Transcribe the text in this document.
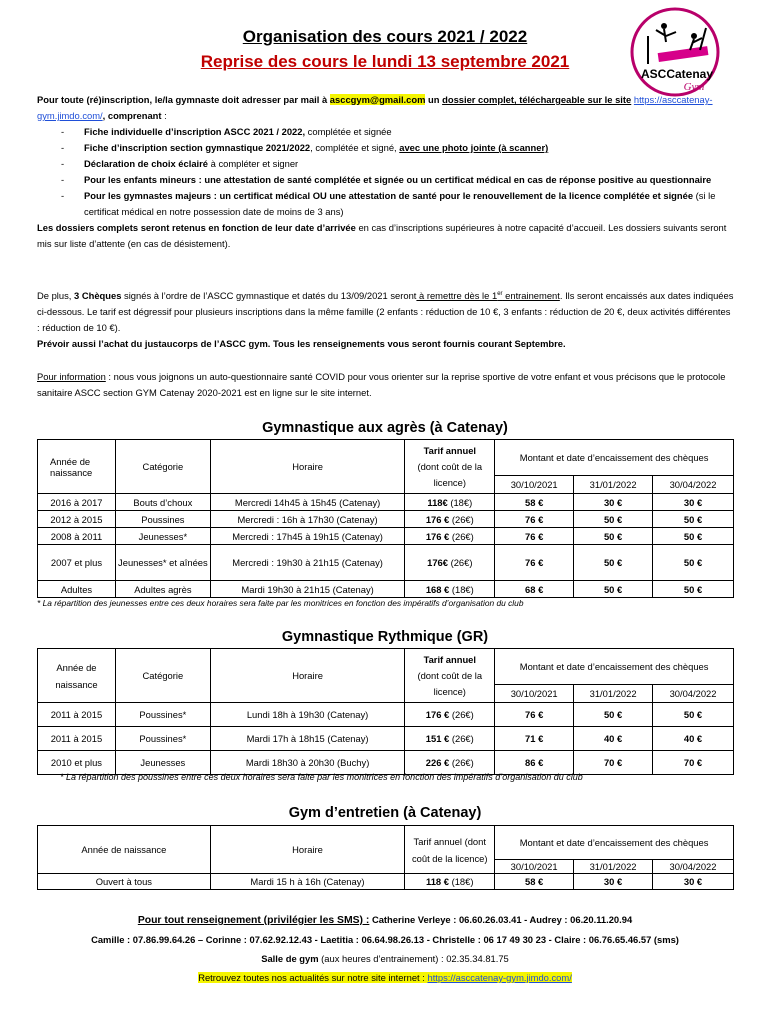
Organisation des cours 2021 / 2022
Reprise des cours le lundi 13 septembre 2021
ASCCatenay
Gym
Pour toute (ré)inscription, le/la gymnaste doit adresser par mail à asccgym@gmail.com un dossier complet, téléchargeable sur le site https://asccatenay-gym.jimdo.com/, comprenant :
- Fiche individuelle d’inscription ASCC 2021 / 2022, complétée et signée
- Fiche d’inscription section gymnastique 2021/2022, complétée et signé, avec une photo jointe (à scanner)
- Déclaration de choix éclairé à compléter et signer
- Pour les enfants mineurs : une attestation de santé complétée et signée ou un certificat médical en cas de réponse positive au questionnaire
- Pour les gymnastes majeurs : un certificat médical OU une attestation de santé pour le renouvellement de la licence complétée et signée (si le certificat médical en notre possession date de moins de 3 ans)
Les dossiers complets seront retenus en fonction de leur date d’arrivée en cas d’inscriptions supérieures à notre capacité d’accueil. Les dossiers suivants seront mis sur liste d’attente (en cas de désistement).
De plus, 3 Chèques signés à l’ordre de l’ASCC gymnastique et datés du 13/09/2021 seront à remettre dès le 1er entrainement. Ils seront encaissés aux dates indiquées ci-dessous. Le tarif est dégressif pour plusieurs inscriptions dans la même famille (2 enfants : réduction de 10 €, 3 enfants : réduction de 20 €, deux activités différentes : réduction de 10 €).
Prévoir aussi l’achat du justaucorps de l’ASCC gym. Tous les renseignements vous seront fournis courant Septembre.
Pour information : nous vous joignons un auto-questionnaire santé COVID pour vous orienter sur la reprise sportive de votre enfant et vous précisons que le protocole sanitaire ASCC section GYM Catenay 2020-2021 est en ligne sur le site internet.
Gymnastique aux agrès (à Catenay)
Année de naissance	Catégorie	Horaire	Tarif annuel
(dont coût de la licence)	Montant et date d’encaissement des chèques		
				30/10/2021	31/01/2022	30/04/2022
2016 à 2017	Bouts d’choux	Mercredi 14h45 à 15h45 (Catenay)	118€ (18€)	58 €	30 €	30 €
2012 à 2015	Poussines	Mercredi : 16h à 17h30 (Catenay)	176 € (26€)	76 €	50 €	50 €
2008 à 2011	Jeunesses*	Mercredi : 17h45 à 19h15 (Catenay)	176 € (26€)	76 €	50 €	50 €
2007 et plus	Jeunesses* et aînées	Mercredi : 19h30 à 21h15 (Catenay)	176€ (26€)	76 €	50 €	50 €
Adultes	Adultes agrès	Mardi 19h30 à 21h15 (Catenay)	168 € (18€)	68 €	50 €	50 €
* La répartition des jeunesses entre ces deux horaires sera faite par les monitrices en fonction des impératifs d’organisation du club
Gymnastique Rythmique (GR)
Année de naissance	Catégorie	Horaire	Tarif annuel
(dont coût de la licence)	Montant et date d’encaissement des chèques		
				30/10/2021	31/01/2022	30/04/2022
2011 à 2015	Poussines*	Lundi 18h à 19h30 (Catenay)	176 € (26€)	76 €	50 €	50 €
2011 à 2015	Poussines*	Mardi 17h à 18h15 (Catenay)	151 € (26€)	71 €	40 €	40 €
2010 et plus	Jeunesses	Mardi 18h30 à 20h30 (Buchy)	226 € (26€)	86 €	70 €	70 €
* La répartition des poussines entre ces deux horaires sera faite par les monitrices en fonction des impératifs d’organisation du club
Gym d’entretien (à Catenay)
Année de naissance	Horaire	Tarif annuel (dont coût de la licence)	Montant et date d’encaissement des chèques		
			30/10/2021	31/01/2022	30/04/2022
Ouvert à tous	Mardi 15 h à 16h (Catenay)	118 € (18€)	58 €	30 €	30 €
Pour tout renseignement (privilégier les SMS) : Catherine Verleye : 06.60.26.03.41 - Audrey : 06.20.11.20.94
Camille : 07.86.99.64.26 – Corinne : 07.62.92.12.43 - Laetitia : 06.64.98.26.13 - Christelle : 06 17 49 30 23 - Claire : 06.76.65.46.57 (sms)
Salle de gym (aux heures d’entrainement) : 02.35.34.81.75
Retrouvez toutes nos actualités sur notre site internet : https://asccatenay-gym.jimdo.com/
